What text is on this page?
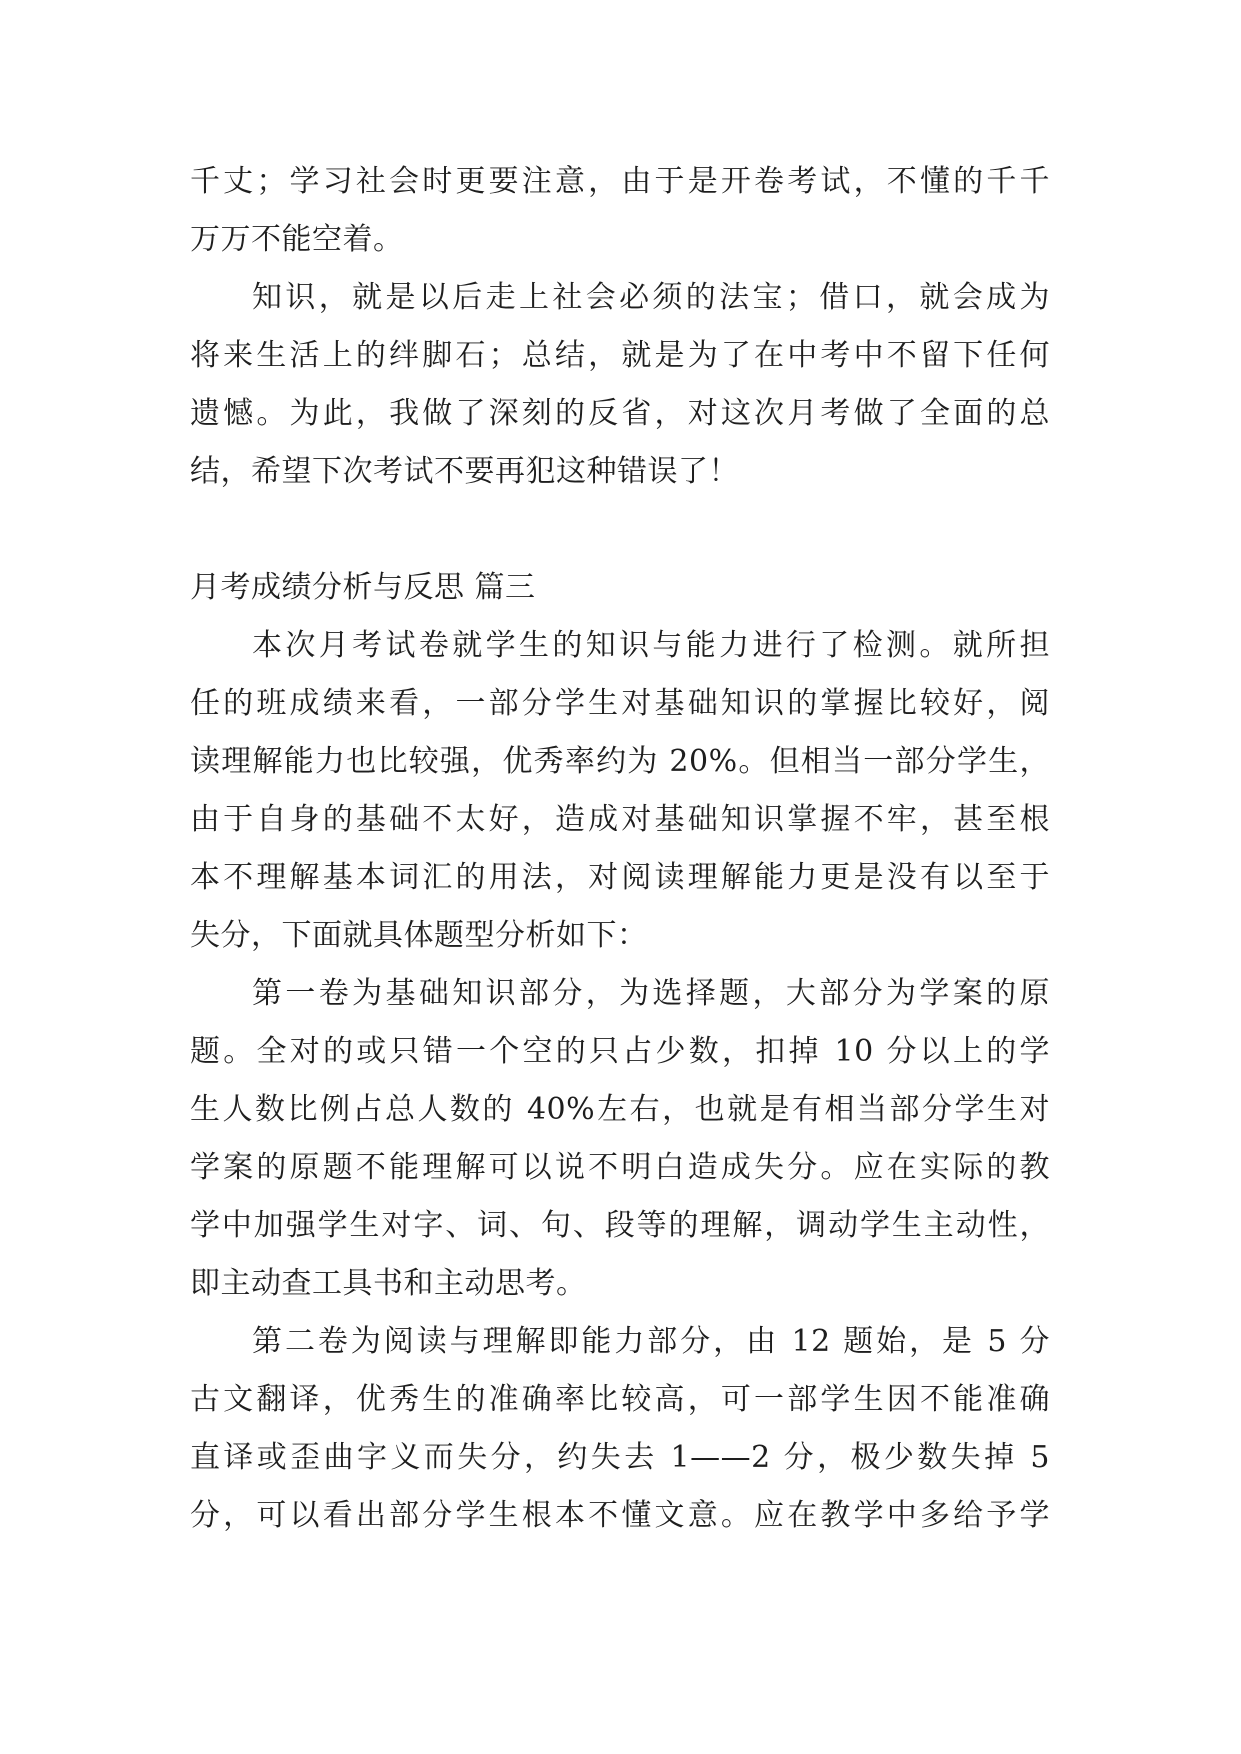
千丈；学习社会时更要注意，由于是开卷考试，不懂的千千
万万不能空着。
知识，就是以后走上社会必须的法宝；借口，就会成为
将来生活上的绊脚石；总结，就是为了在中考中不留下任何
遗憾。为此，我做了深刻的反省，对这次月考做了全面的总
结，希望下次考试不要再犯这种错误了！
月考成绩分析与反思 篇三
本次月考试卷就学生的知识与能力进行了检测。就所担
任的班成绩来看，一部分学生对基础知识的掌握比较好，阅
读理解能力也比较强，优秀率约为 20%。但相当一部分学生，
由于自身的基础不太好，造成对基础知识掌握不牢，甚至根
本不理解基本词汇的用法，对阅读理解能力更是没有以至于
失分，下面就具体题型分析如下：
第一卷为基础知识部分，为选择题，大部分为学案的原
题。全对的或只错一个空的只占少数，扣掉 10 分以上的学
生人数比例占总人数的 40%左右，也就是有相当部分学生对
学案的原题不能理解可以说不明白造成失分。应在实际的教
学中加强学生对字、词、句、段等的理解，调动学生主动性，
即主动查工具书和主动思考。
第二卷为阅读与理解即能力部分，由 12 题始，是 5 分
古文翻译，优秀生的准确率比较高，可一部学生因不能准确
直译或歪曲字义而失分，约失去 1——2 分，极少数失掉 5
分，可以看出部分学生根本不懂文意。应在教学中多给予学
